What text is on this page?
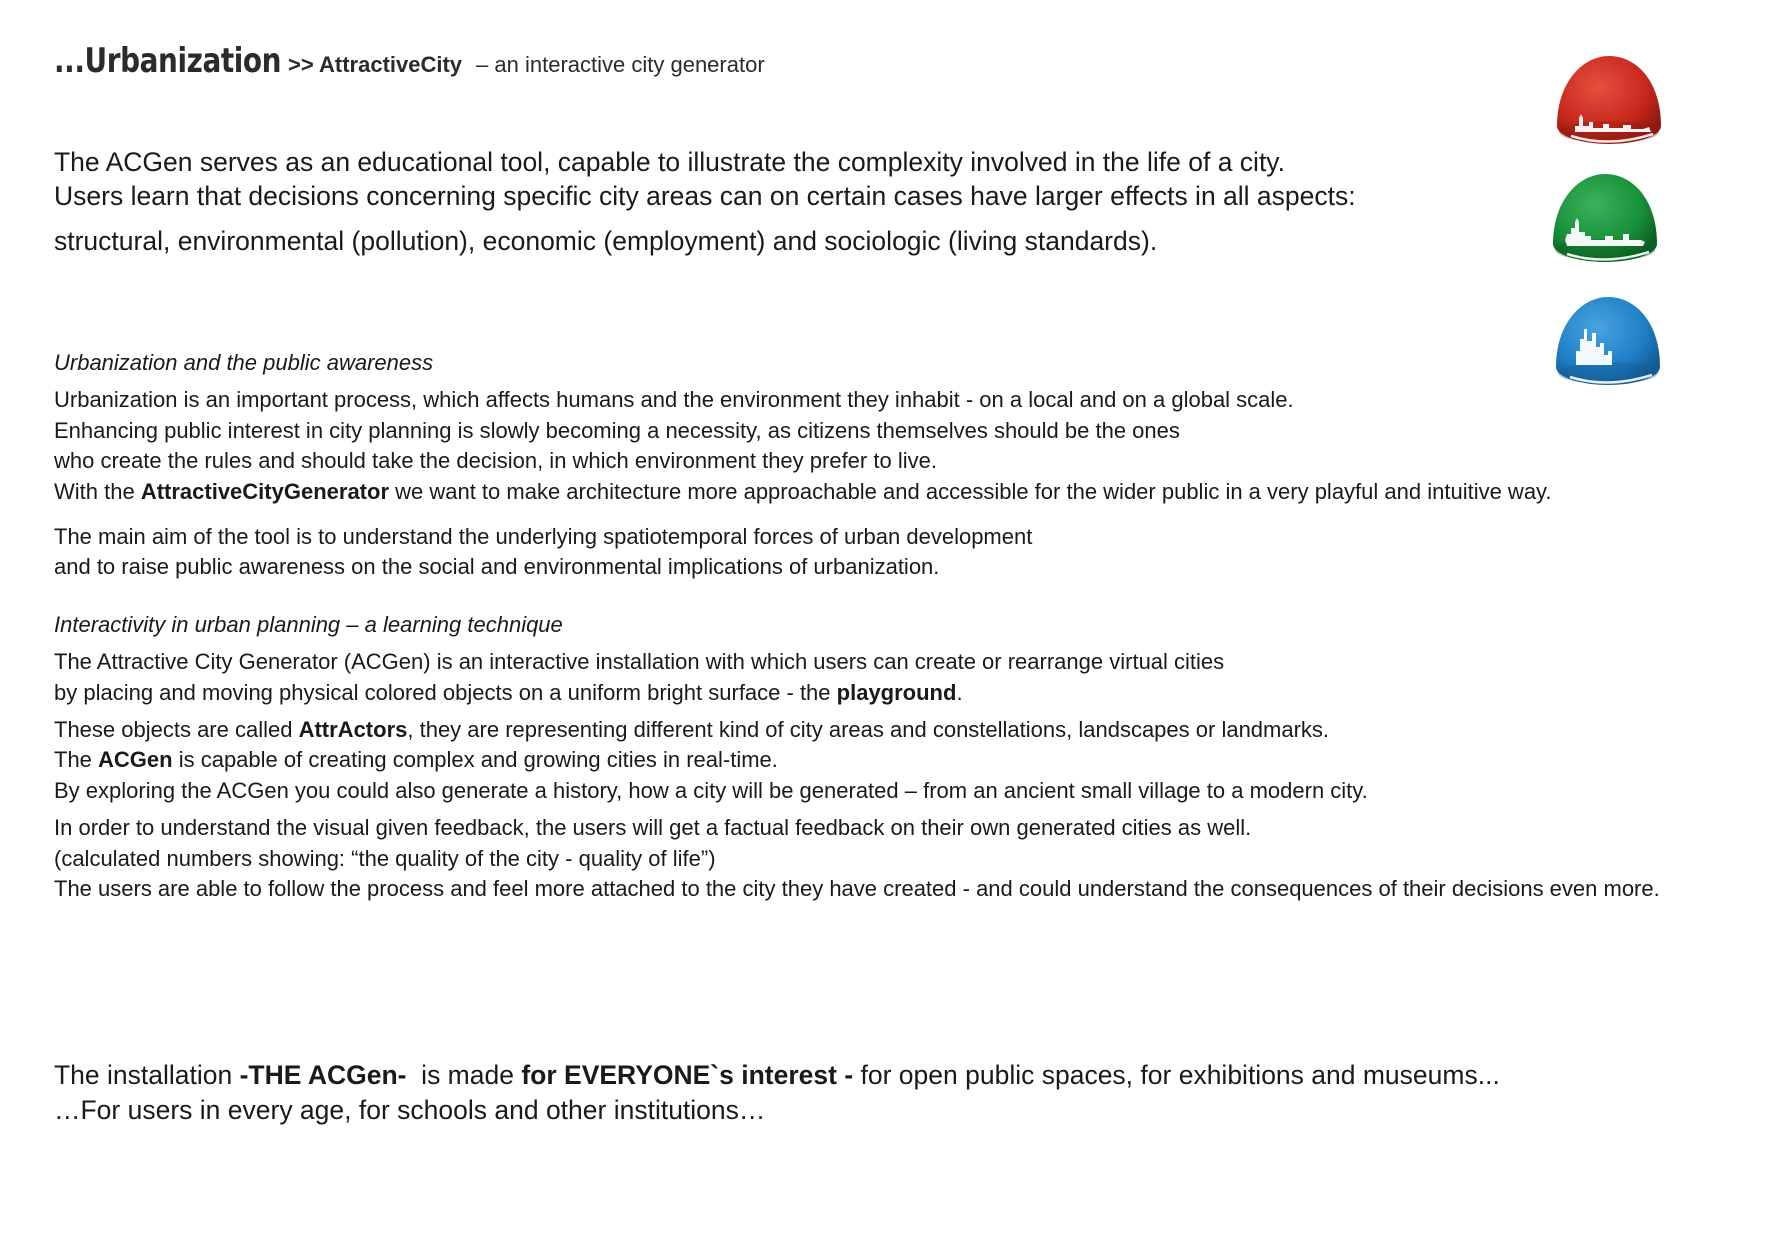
...Urbanization >> AttractiveCity – an interactive city generator

The ACGen serves as an educational tool, capable to illustrate the complexity involved in the life of a city.

Users learn that decisions concerning specific city areas can on certain cases have larger effects in all aspects:

structural, environmental (pollution), economic (employment) and sociologic (living standards).

Urbanization and the public awareness

Urbanization is an important process, which affects humans and the environment they inhabit - on a local and on a global scale.

Enhancing public interest in city planning is slowly becoming a necessity, as citizens themselves should be the ones

who create the rules and should take the decision, in which environment they prefer to live.

With the AttractiveCityGenerator we want to make architecture more approachable and accessible for the wider public in a very playful and intuitive way.

The main aim of the tool is to understand the underlying spatiotemporal forces of urban development

and to raise public awareness on the social and environmental implications of urbanization.

Interactivity in urban planning – a learning technique

The Attractive City Generator (ACGen) is an interactive installation with which users can create or rearrange virtual cities

by placing and moving physical colored objects on a uniform bright surface - the playground.

These objects are called AttrActors, they are representing different kind of city areas and constellations, landscapes or landmarks.

The ACGen is capable of creating complex and growing cities in real-time.

By exploring the ACGen you could also generate a history, how a city will be generated – from an ancient small village to a modern city.

In order to understand the visual given feedback, the users will get a factual feedback on their own generated cities as well.

(calculated numbers showing: “the quality of the city - quality of life”)

The users are able to follow the process and feel more attached to the city they have created - and could understand the consequences of their decisions even more.

The installation -THE ACGen-  is made for EVERYONE`s interest - for open public spaces, for exhibitions and museums...

…For users in every age, for schools and other institutions…
